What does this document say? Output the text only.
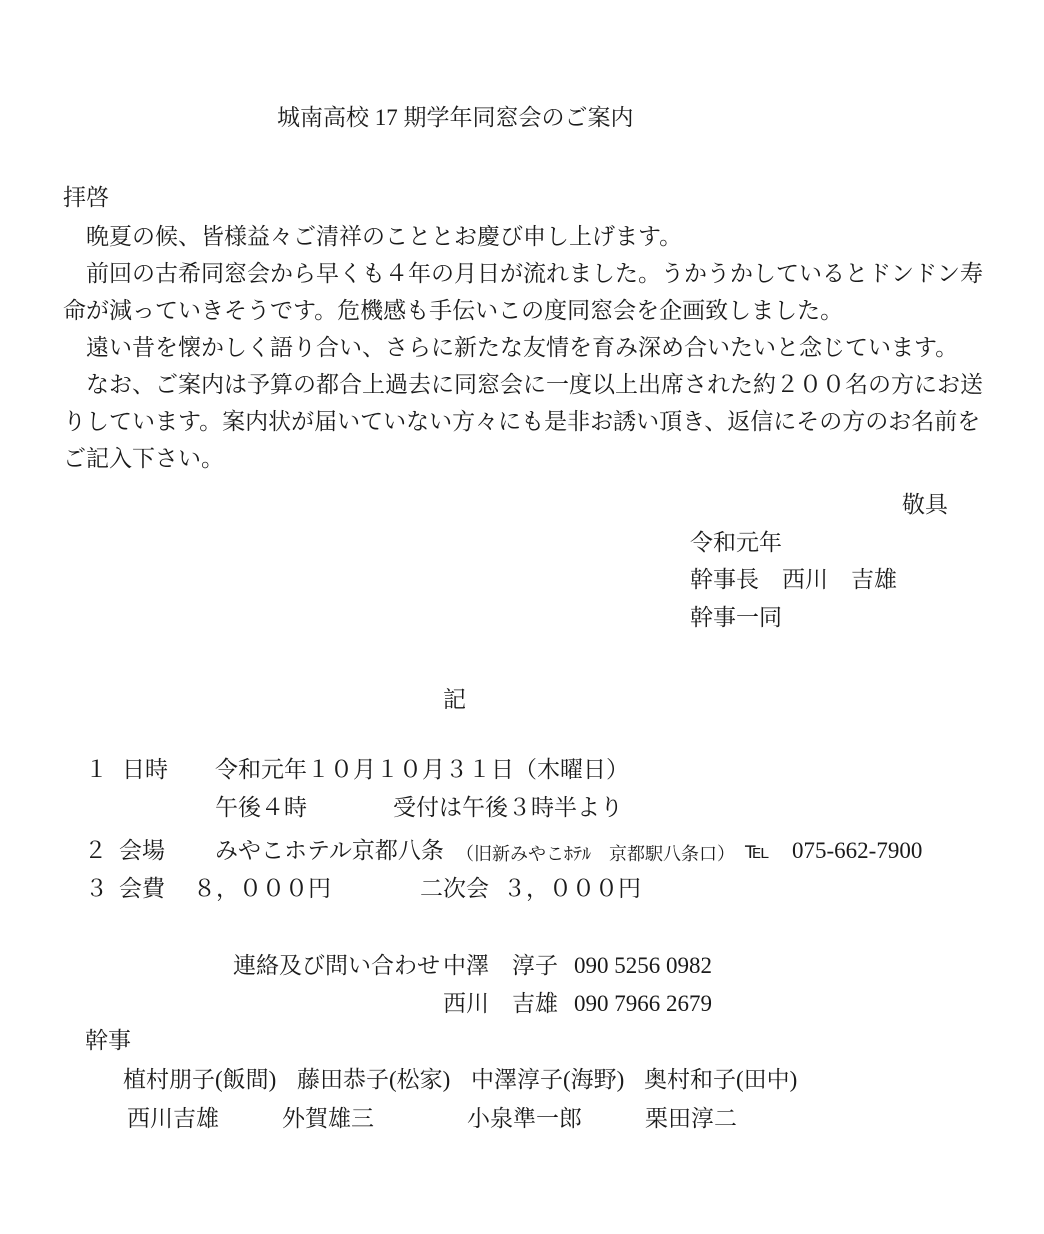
城南高校 17 期学年同窓会のご案内
拝啓
　晩夏の候、皆様益々ご清祥のこととお慶び申し上げます。
　前回の古希同窓会から早くも４年の月日が流れました。うかうかしているとドンドン寿
命が減っていきそうです。危機感も手伝いこの度同窓会を企画致しました。
　遠い昔を懐かしく語り合い、さらに新たな友情を育み深め合いたいと念じています。
　なお、ご案内は予算の都合上過去に同窓会に一度以上出席された約２００名の方にお送
りしています。案内状が届いていない方々にも是非お誘い頂き、返信にその方のお名前を
ご記入下さい。
敬具
令和元年
幹事長　西川　吉雄
幹事一同
記
１ 日時 令和元年１０月１０月３１日（木曜日）
午後４時	受付は午後３時半より
２ 会場 みやこホテル京都八条 （旧新みやこﾎﾃﾙ　京都駅八条口） ℡ 075-662-7900
３ 会費 ８，０００円	二次会 ３，０００円
連絡及び問い合わせ 中澤　淳子 090 5256 0982
西川　吉雄 090 7966 2679
幹事
植村朋子(飯間) 藤田恭子(松家) 中澤淳子(海野) 奥村和子(田中)
西川吉雄	外賀雄三	小泉準一郎	栗田淳二
